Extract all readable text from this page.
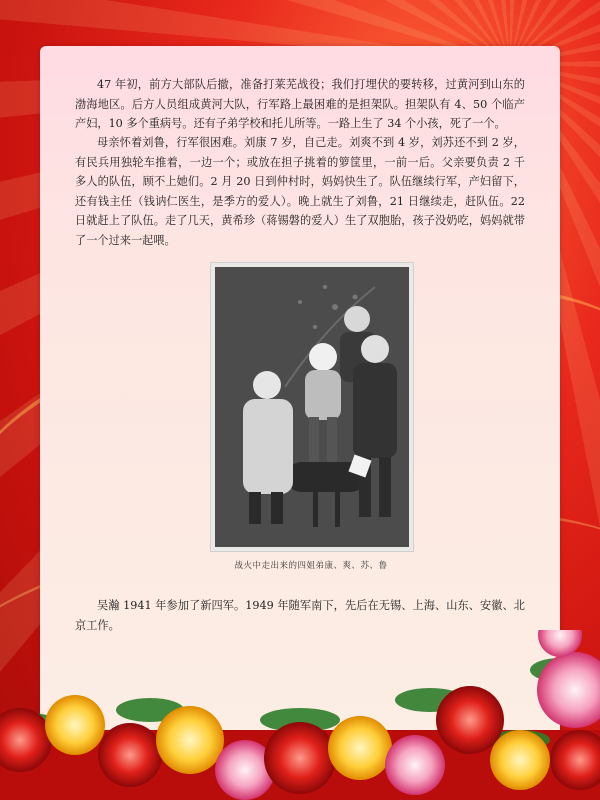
47 年初，前方大部队后撤，准备打莱芜战役；我们打埋伏的要转移，过黄河到山东的渤海地区。后方人员组成黄河大队，行军路上最困难的是担架队。担架队有 4、50 个临产产妇，10 多个重病号。还有子弟学校和托儿所等。一路上生了 34 个小孩，死了一个。

母亲怀着刘鲁，行军很困难。刘康 7 岁，自己走。刘爽不到 4 岁，刘苏还不到 2 岁，有民兵用独轮车推着，一边一个；或放在担子挑着的箩筐里，一前一后。父亲要负责 2 千多人的队伍，顾不上她们。2 月 20 日到仲村时，妈妈快生了。队伍继续行军，产妇留下，还有钱主任（钱讷仁医生，是季方的爱人）。晚上就生了刘鲁，21 日继续走，赶队伍。22 日就赶上了队伍。走了几天，黄希珍（蒋锡磐的爱人）生了双胞胎，孩子没奶吃，妈妈就带了一个过来一起喂。

战火中走出来的四姐弟康、爽、苏、鲁

吴瀚 1941 年参加了新四军。1949 年随军南下，先后在无锡、上海、山东、安徽、北京工作。
